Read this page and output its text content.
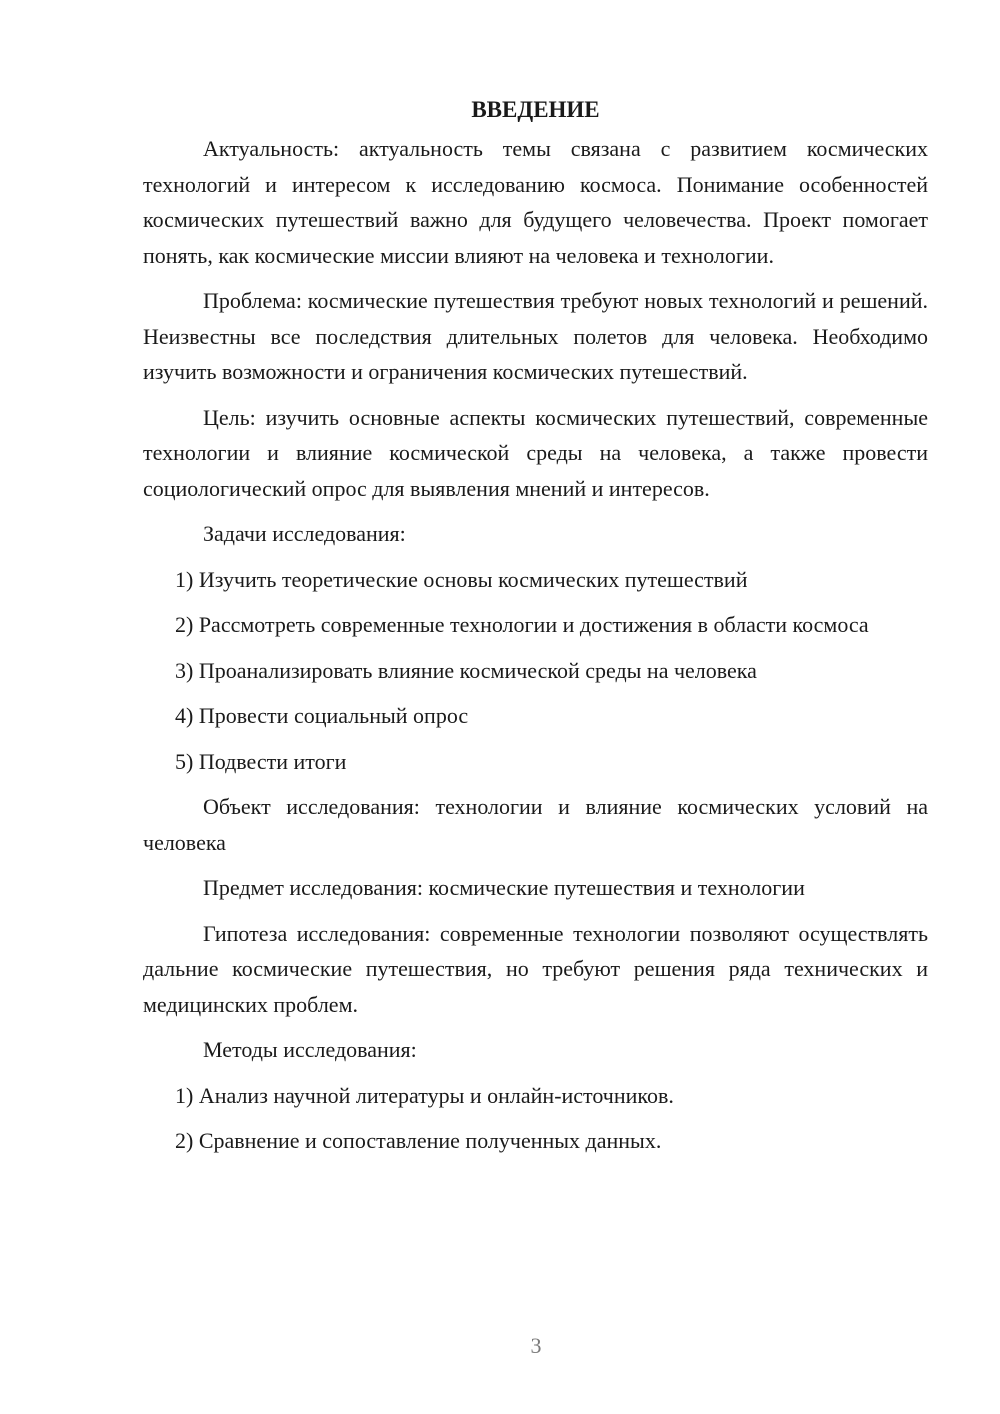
ВВЕДЕНИЕ

Актуальность: актуальность темы связана с развитием космических технологий и интересом к исследованию космоса. Понимание особенностей космических путешествий важно для будущего человечества. Проект помогает понять, как космические миссии влияют на человека и технологии.

Проблема: космические путешествия требуют новых технологий и решений. Неизвестны все последствия длительных полетов для человека. Необходимо изучить возможности и ограничения космических путешествий.

Цель: изучить основные аспекты космических путешествий, современные технологии и влияние космической среды на человека, а также провести социологический опрос для выявления мнений и интересов.

Задачи исследования:

1) Изучить теоретические основы космических путешествий

2) Рассмотреть современные технологии и достижения в области космоса

3) Проанализировать влияние космической среды на человека

4) Провести социальный опрос

5) Подвести итоги

Объект исследования: технологии и влияние космических условий на человека

Предмет исследования: космические путешествия и технологии

Гипотеза исследования: современные технологии позволяют осуществлять дальние космические путешествия, но требуют решения ряда технических и медицинских проблем.

Методы исследования:

1) Анализ научной литературы и онлайн-источников.

2) Сравнение и сопоставление полученных данных.

3
